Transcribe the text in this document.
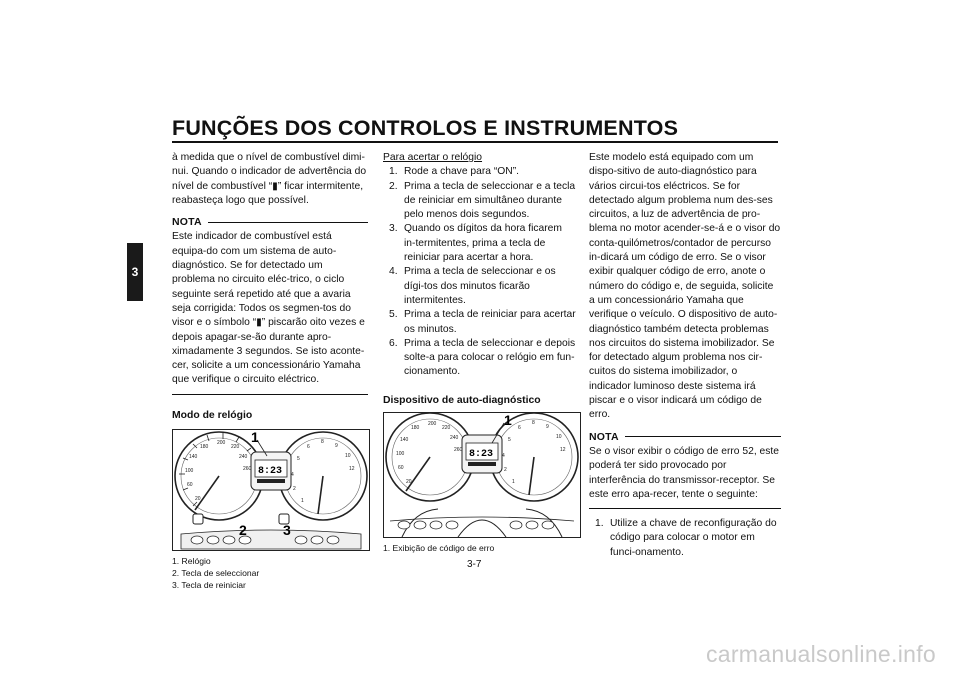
FUNÇÕES DOS CONTROLOS E INSTRUMENTOS
3

à medida que o nível de combustível dimi-nui. Quando o indicador de advertência do nível de combustível “▮” ficar intermitente, reabasteça logo que possível.

NOTA

Este indicador de combustível está equipa-do com um sistema de auto-diagnóstico. Se for detectado um problema no circuito eléc-trico, o ciclo seguinte será repetido até que a avaria seja corrigida: Todos os segmen-tos do visor e o símbolo “▮” piscarão oito vezes e depois apagar-se-ão durante apro-ximadamente 3 segundos. Se isto aconte-cer, solicite a um concessionário Yamaha que verifique o circuito eléctrico.

Modo de relógio

20
60
100
140
180
200
220
240
260
1
2
4
5
6
8
9
10
12
8:23
1
2	3
1. Relógio
2. Tecla de seleccionar
3. Tecla de reiniciar

Para acertar o relógio

1. Rode a chave para “ON”.
2. Prima a tecla de seleccionar e a tecla de reiniciar em simultâneo durante pelo menos dois segundos.
3. Quando os dígitos da hora ficarem in-termitentes, prima a tecla de reiniciar para acertar a hora.
4. Prima a tecla de seleccionar e os dígi-tos dos minutos ficarão intermitentes.
5. Prima a tecla de reiniciar para acertar os minutos.
6. Prima a tecla de seleccionar e depois solte-a para colocar o relógio em fun-cionamento.

Dispositivo de auto-diagnóstico

20
60
100
140
180
200
220
240
260
1
2
4
5
6
8
9
10
12
8:23
1
1. Exibição de código de erro

Este modelo está equipado com um dispo-sitivo de auto-diagnóstico para vários circui-tos eléctricos. Se for detectado algum problema num des-ses circuitos, a luz de advertência de pro-blema no motor acender-se-á e o visor do conta-quilómetros/contador de percurso in-dicará um código de erro. Se o visor exibir qualquer código de erro, anote o número do código e, de seguida, solicite a um concessionário Yamaha que verifique o veículo. O dispositivo de auto-diagnóstico também detecta problemas nos circuitos do sistema imobilizador. Se for detectado algum problema nos cir-cuitos do sistema imobilizador, o indicador luminoso deste sistema irá piscar e o visor indicará um código de erro.

NOTA

Se o visor exibir o código de erro 52, este poderá ter sido provocado por interferência do transmissor-receptor. Se este erro apa-recer, tente o seguinte:

1. Utilize a chave de reconfiguração do código para colocar o motor em funci-onamento.
3-7
carmanualsonline.info
